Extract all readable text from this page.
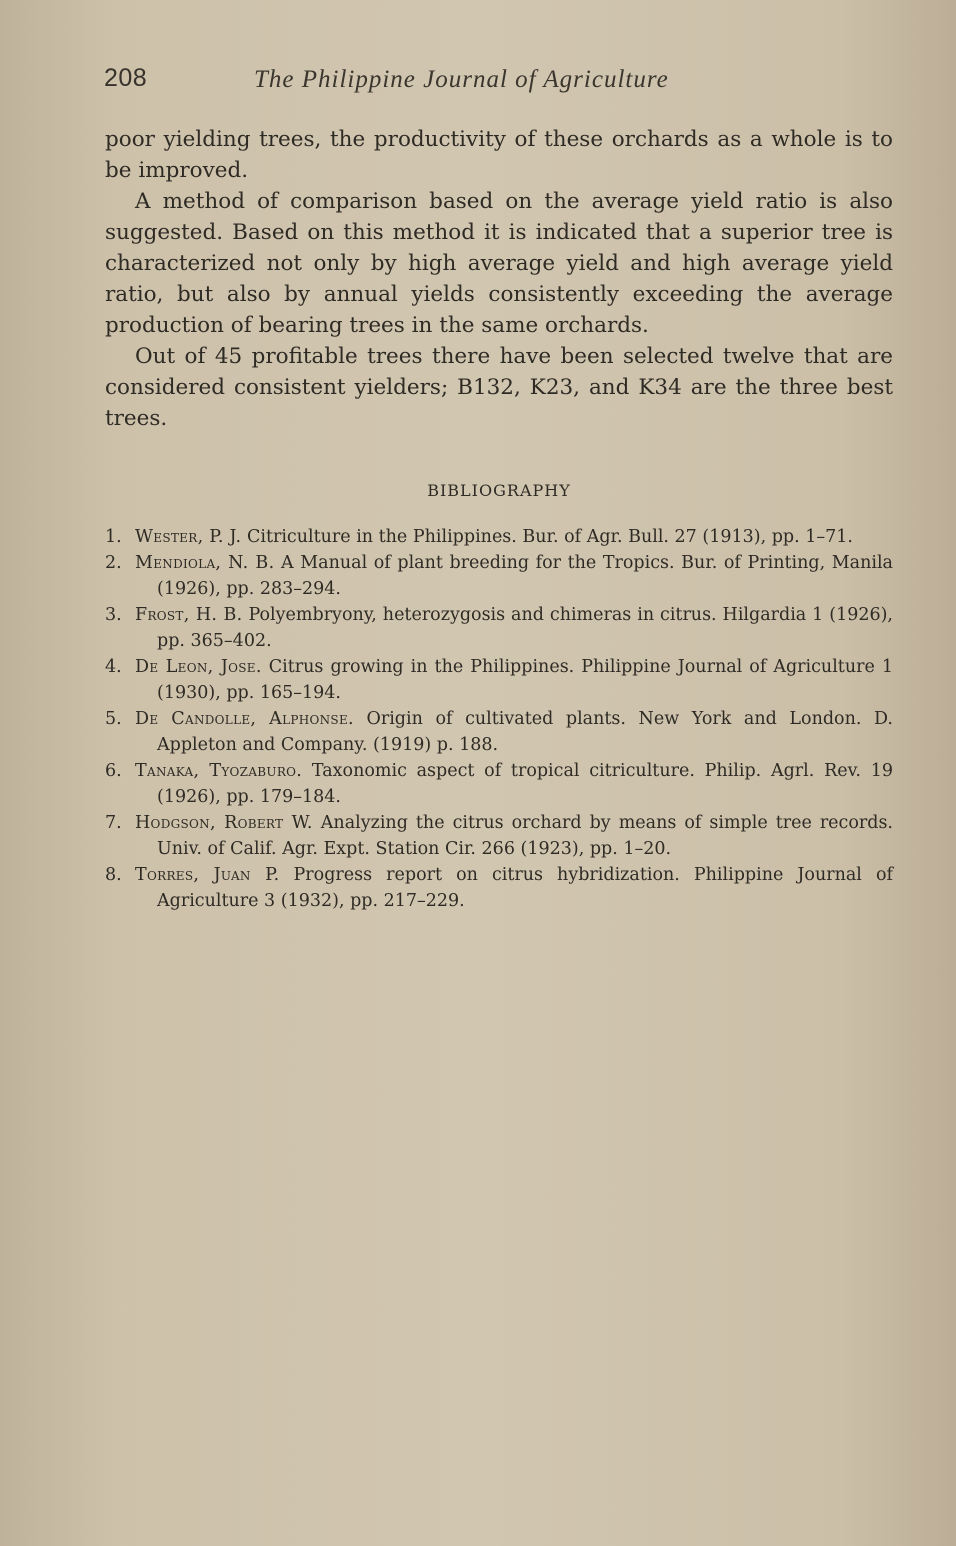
208	The Philippine Journal of Agriculture

poor yielding trees, the productivity of these orchards as a whole is to be improved.

A method of comparison based on the average yield ratio is also suggested. Based on this method it is indicated that a superior tree is characterized not only by high average yield and high average yield ratio, but also by annual yields consistently exceeding the average production of bearing trees in the same orchards.

Out of 45 profitable trees there have been selected twelve that are considered consistent yielders; B132, K23, and K34 are the three best trees.

BIBLIOGRAPHY
1. Wester, P. J. Citriculture in the Philippines. Bur. of Agr. Bull. 27 (1913), pp. 1–71.
2. Mendiola, N. B. A Manual of plant breeding for the Tropics. Bur. of Printing, Manila (1926), pp. 283–294.
3. Frost, H. B. Polyembryony, heterozygosis and chimeras in citrus. Hilgardia 1 (1926), pp. 365–402.
4. De Leon, Jose. Citrus growing in the Philippines. Philippine Journal of Agriculture 1 (1930), pp. 165–194.
5. De Candolle, Alphonse. Origin of cultivated plants. New York and London. D. Appleton and Company. (1919) p. 188.
6. Tanaka, Tyozaburo. Taxonomic aspect of tropical citriculture. Philip. Agrl. Rev. 19 (1926), pp. 179–184.
7. Hodgson, Robert W. Analyzing the citrus orchard by means of simple tree records. Univ. of Calif. Agr. Expt. Station Cir. 266 (1923), pp. 1–20.
8. Torres, Juan P. Progress report on citrus hybridization. Philippine Journal of Agriculture 3 (1932), pp. 217–229.
